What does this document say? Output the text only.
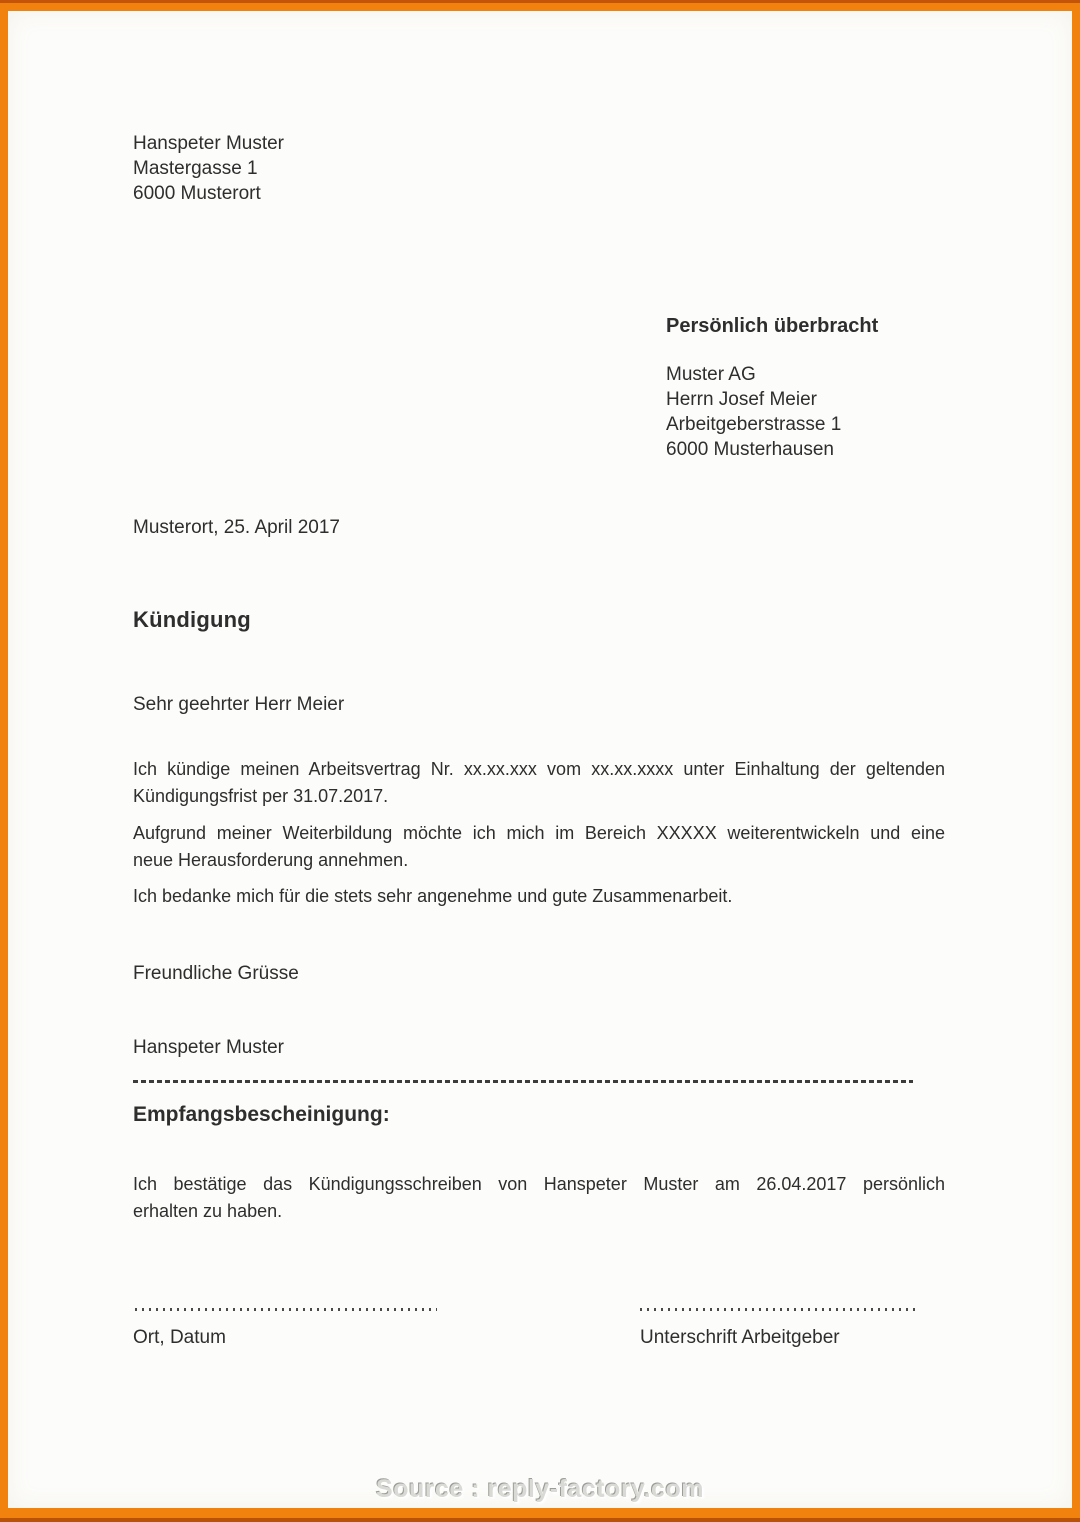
Hanspeter Muster
Mastergasse 1
6000 Musterort
Persönlich überbracht
Muster AG
Herrn Josef Meier
Arbeitgeberstrasse 1
6000 Musterhausen
Musterort, 25. April 2017
Kündigung
Sehr geehrter Herr Meier
Ich kündige meinen Arbeitsvertrag Nr. xx.xx.xxx vom xx.xx.xxxx unter Einhaltung der geltenden
Kündigungsfrist per 31.07.2017.
Aufgrund meiner Weiterbildung möchte ich mich im Bereich XXXXX weiterentwickeln und eine
neue Herausforderung annehmen.
Ich bedanke mich für die stets sehr angenehme und gute Zusammenarbeit.
Freundliche Grüsse
Hanspeter Muster
Empfangsbescheinigung:
Ich bestätige das Kündigungsschreiben von Hanspeter Muster am 26.04.2017 persönlich
erhalten zu haben.
Ort, Datum	Unterschrift Arbeitgeber
Source : reply-factory.com
